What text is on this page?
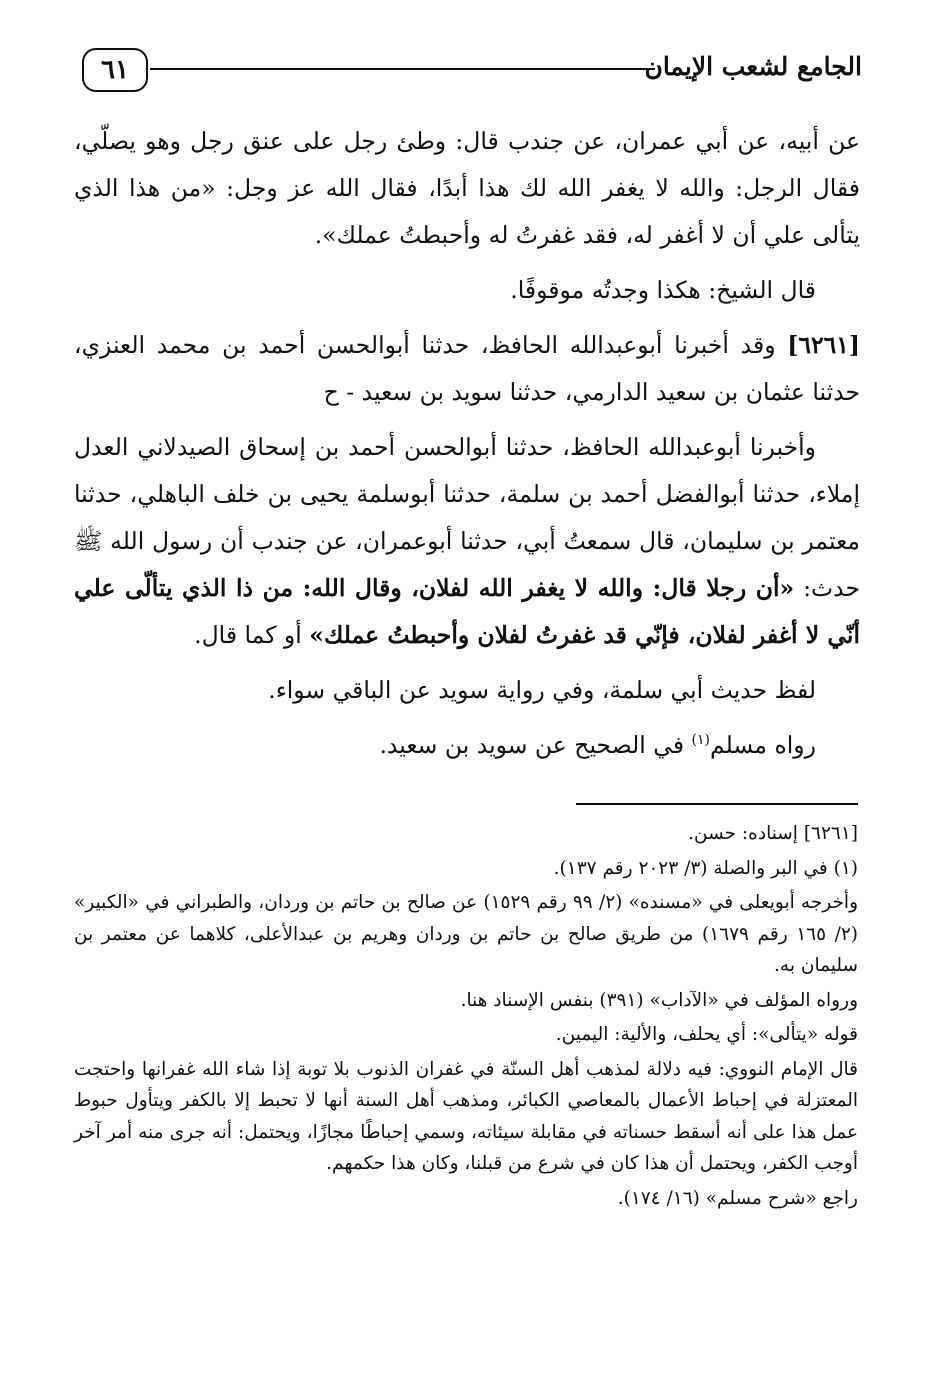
الجامع لشعب الإيمان
٦١

عن أبيه، عن أبي عمران، عن جندب قال: وطئ رجل على عنق رجل وهو يصلّي، فقال الرجل: والله لا يغفر الله لك هذا أبدًا، فقال الله عز وجل: «من هذا الذي يتألى علي أن لا أغفر له، فقد غفرتُ له وأحبطتُ عملك».

قال الشيخ: هكذا وجدتُه موقوفًا.

[٦٢٦١] وقد أخبرنا أبوعبدالله الحافظ، حدثنا أبوالحسن أحمد بن محمد العنزي، حدثنا عثمان بن سعيد الدارمي، حدثنا سويد بن سعيد - ح

وأخبرنا أبوعبدالله الحافظ، حدثنا أبوالحسن أحمد بن إسحاق الصيدلاني العدل إملاء، حدثنا أبوالفضل أحمد بن سلمة، حدثنا أبوسلمة يحيى بن خلف الباهلي، حدثنا معتمر بن سليمان، قال سمعتُ أبي، حدثنا أبوعمران، عن جندب أن رسول الله ﷺ حدث: «أن رجلا قال: والله لا يغفر الله لفلان، وقال الله: من ذا الذي يتألّى علي أنّي لا أغفر لفلان، فإنّي قد غفرتُ لفلان وأحبطتُ عملك» أو كما قال.

لفظ حديث أبي سلمة، وفي رواية سويد عن الباقي سواء.

رواه مسلم$^{(١)}$ في الصحيح عن سويد بن سعيد.

[٦٢٦١] إسناده: حسن.

(١) في البر والصلة (٣/ ٢٠٢٣ رقم ١٣٧).

وأخرجه أبويعلى في «مسنده» (٢/ ٩٩ رقم ١٥٢٩) عن صالح بن حاتم بن وردان، والطبراني في «الكبير» (٢/ ١٦٥ رقم ١٦٧٩) من طريق صالح بن حاتم بن وردان وهريم بن عبدالأعلى، كلاهما عن معتمر بن سليمان به.

ورواه المؤلف في «الآداب» (٣٩١) بنفس الإسناد هنا.

قوله «يتألى»: أي يحلف، والألية: اليمين.

قال الإمام النووي: فيه دلالة لمذهب أهل السنّة في غفران الذنوب بلا توبة إذا شاء الله غفرانها واحتجت المعتزلة في إحباط الأعمال بالمعاصي الكبائر، ومذهب أهل السنة أنها لا تحبط إلا بالكفر ويتأول حبوط عمل هذا على أنه أسقط حسناته في مقابلة سيئاته، وسمي إحباطًا مجازًا، ويحتمل: أنه جرى منه أمر آخر أوجب الكفر، ويحتمل أن هذا كان في شرع من قبلنا، وكان هذا حكمهم.

راجع «شرح مسلم» (١٦/ ١٧٤).
